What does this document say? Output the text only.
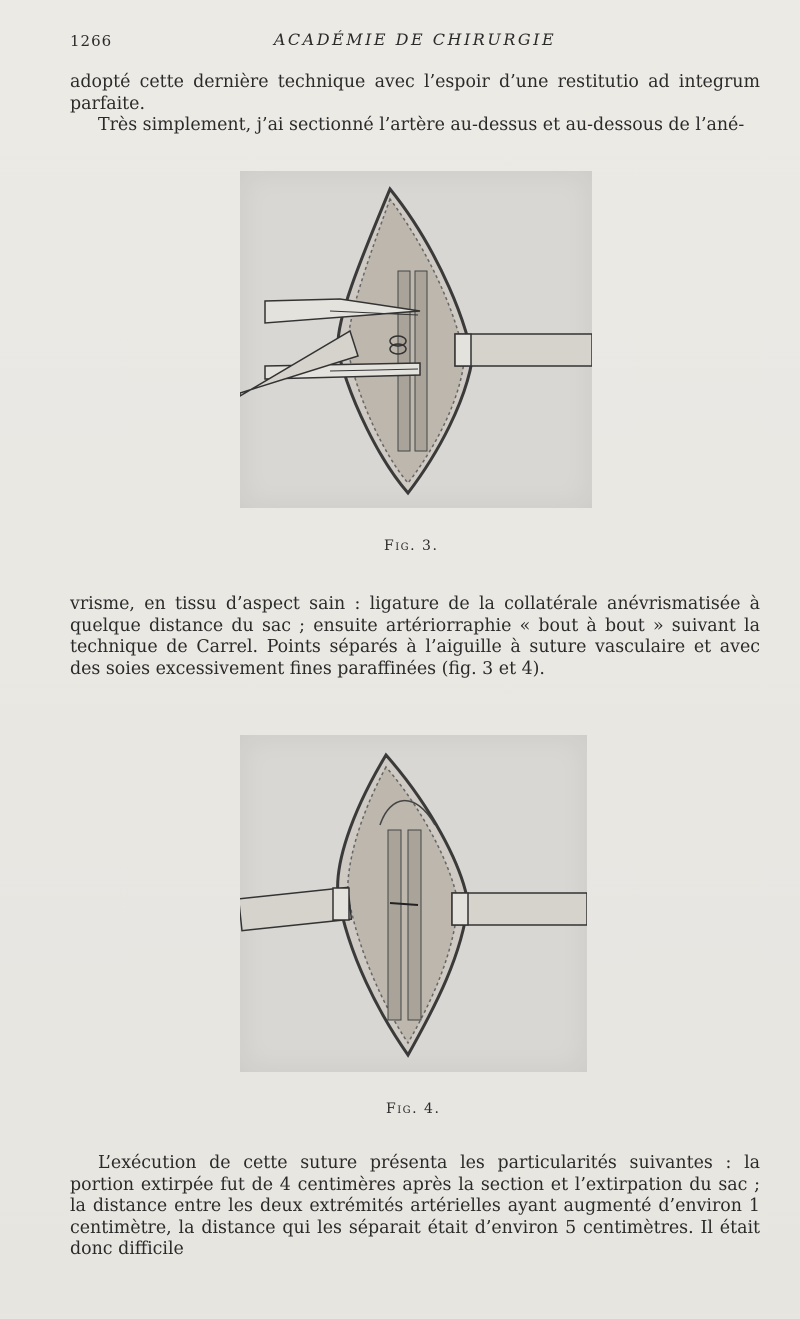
1266	ACADÉMIE DE CHIRURGIE

adopté cette dernière technique avec l’espoir d’une restitutio ad integrum parfaite.

Très simplement, j’ai sectionné l’artère au-dessus et au-dessous de l’ané-

Fig. 3.

vrisme, en tissu d’aspect sain : ligature de la collatérale anévrismatisée à quelque distance du sac ; ensuite artériorraphie « bout à bout » suivant la technique de Carrel. Points séparés à l’aiguille à suture vasculaire et avec des soies excessivement fines paraffinées (fig. 3 et 4).

Fig. 4.

L’exécution de cette suture présenta les particularités suivantes : la portion extirpée fut de 4 centimères après la section et l’extirpation du sac ; la distance entre les deux extrémités artérielles ayant augmenté d’environ 1 centimètre, la distance qui les séparait était d’environ 5 centimètres. Il était donc difficile
